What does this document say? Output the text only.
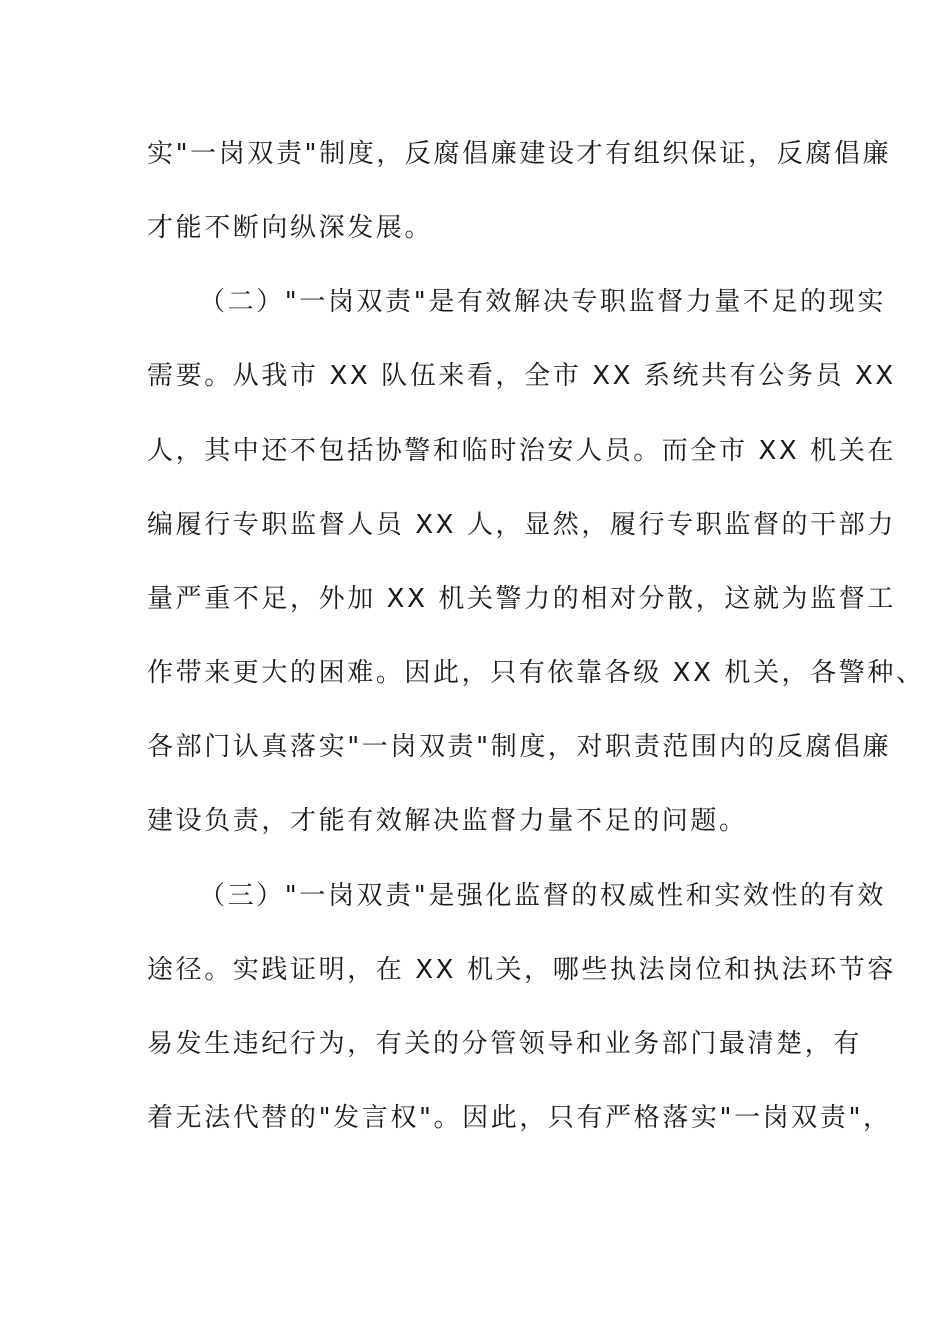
实"一岗双责"制度，反腐倡廉建设才有组织保证，反腐倡廉
才能不断向纵深发展。
（二）"一岗双责"是有效解决专职监督力量不足的现实
需要。从我市 XX 队伍来看，全市 XX 系统共有公务员 XX
人，其中还不包括协警和临时治安人员。而全市 XX 机关在
编履行专职监督人员 XX 人，显然，履行专职监督的干部力
量严重不足，外加 XX 机关警力的相对分散，这就为监督工
作带来更大的困难。因此，只有依靠各级 XX 机关，各警种、
各部门认真落实"一岗双责"制度，对职责范围内的反腐倡廉
建设负责，才能有效解决监督力量不足的问题。
（三）"一岗双责"是强化监督的权威性和实效性的有效
途径。实践证明，在 XX 机关，哪些执法岗位和执法环节容
易发生违纪行为，有关的分管领导和业务部门最清楚，有
着无法代替的"发言权"。因此，只有严格落实"一岗双责"，
